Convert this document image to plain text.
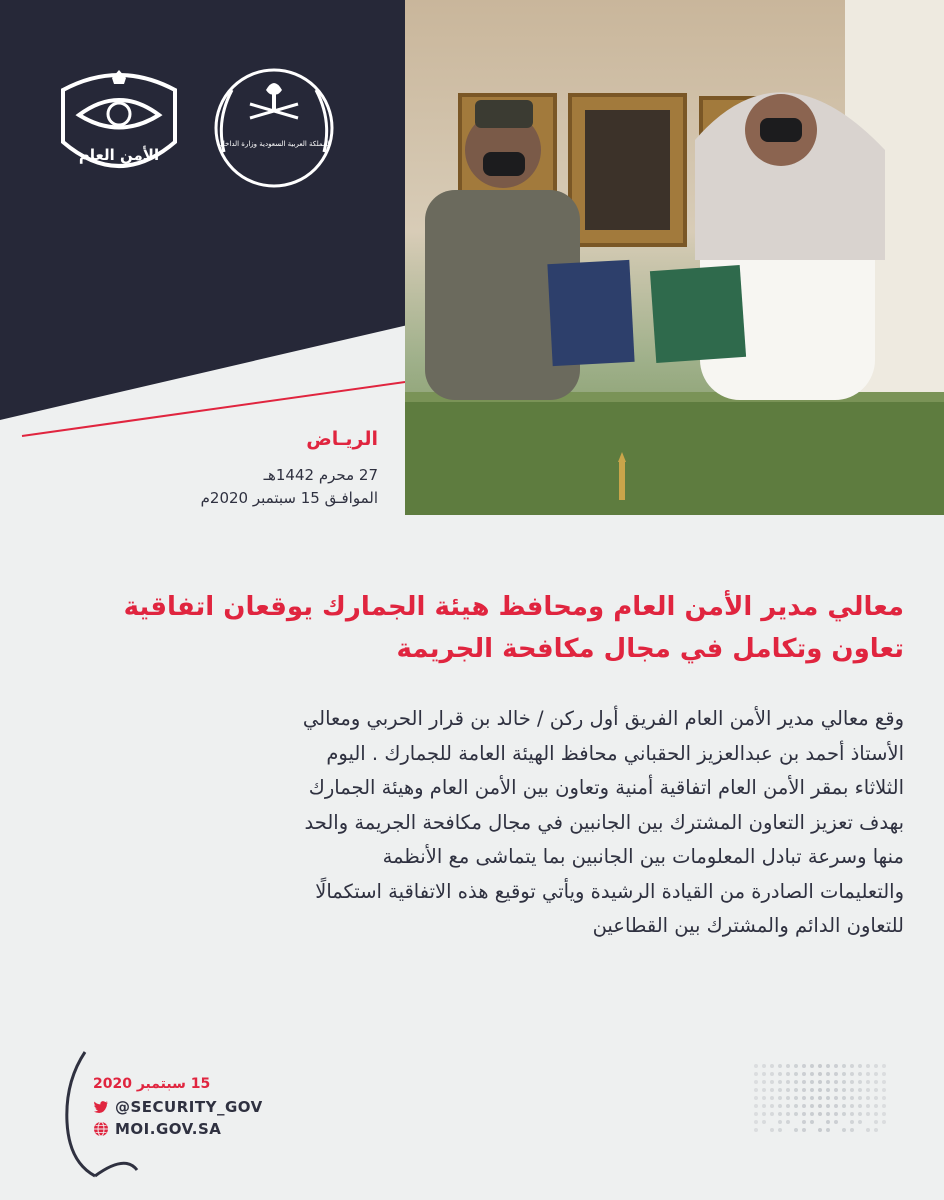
الأمن العام
المملكة العربية السعودية وزارة الداخلية
الريـاض
27 محرم 1442هـ
الموافـق 15 سبتمبر 2020م
معالي مدير الأمن العام ومحافظ هيئة الجمارك يوقعان اتفاقية
تعاون وتكامل في مجال مكافحة الجريمة
وقع معالي مدير الأمن العام الفريق أول ركن / خالد بن قرار الحربي ومعالي
الأستاذ أحمد بن عبدالعزيز الحقباني محافظ الهيئة العامة للجمارك . اليوم
الثلاثاء بمقر الأمن العام اتفاقية أمنية وتعاون بين الأمن العام وهيئة الجمارك
بهدف تعزيز التعاون المشترك بين الجانبين في مجال مكافحة الجريمة والحد
منها وسرعة تبادل المعلومات بين الجانبين بما يتماشى مع الأنظمة
والتعليمات الصادرة من القيادة الرشيدة ويأتي توقيع هذه الاتفاقية استكمالًا
للتعاون الدائم والمشترك بين القطاعين
15 سبتمبر 2020
@SECURITY_GOV
MOI.GOV.SA
